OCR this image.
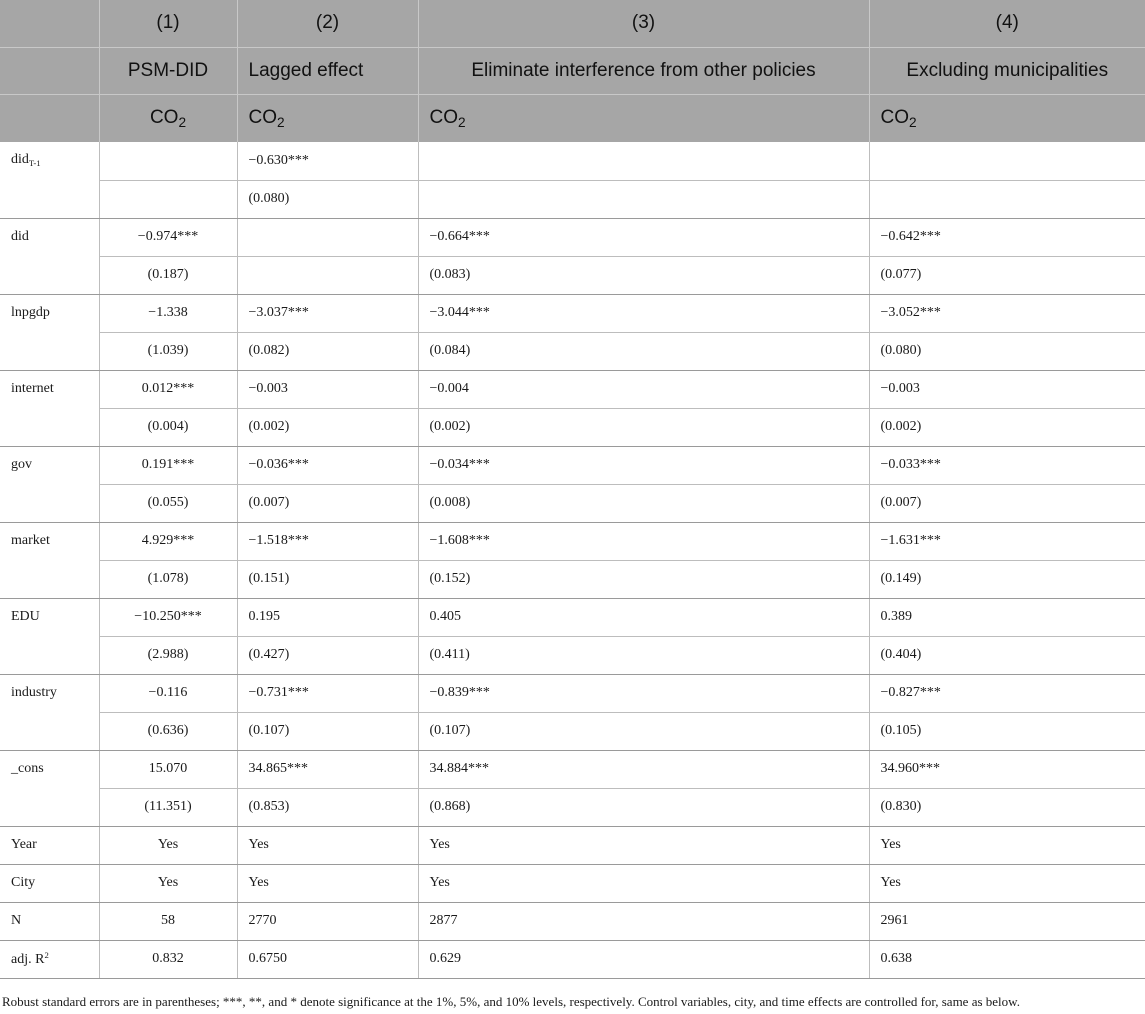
	(1)	(2)	(3)	(4)
	PSM-DID	Lagged effect	Eliminate interference from other policies	Excluding municipalities
	$CO_2$	$CO_2$	$CO_2$	$CO_2$
did$_{T-1}$		−0.630***		
		(0.080)		
did	−0.974***		−0.664***	−0.642***
	(0.187)		(0.083)	(0.077)
lnpgdp	−1.338	−3.037***	−3.044***	−3.052***
	(1.039)	(0.082)	(0.084)	(0.080)
internet	0.012***	−0.003	−0.004	−0.003
	(0.004)	(0.002)	(0.002)	(0.002)
gov	0.191***	−0.036***	−0.034***	−0.033***
	(0.055)	(0.007)	(0.008)	(0.007)
market	4.929***	−1.518***	−1.608***	−1.631***
	(1.078)	(0.151)	(0.152)	(0.149)
EDU	−10.250***	0.195	0.405	0.389
	(2.988)	(0.427)	(0.411)	(0.404)
industry	−0.116	−0.731***	−0.839***	−0.827***
	(0.636)	(0.107)	(0.107)	(0.105)
_cons	15.070	34.865***	34.884***	34.960***
	(11.351)	(0.853)	(0.868)	(0.830)
Year	Yes	Yes	Yes	Yes
City	Yes	Yes	Yes	Yes
N	58	2770	2877	2961
adj. $R^2$	0.832	0.6750	0.629	0.638
Robust standard errors are in parentheses; ***, **, and * denote significance at the 1%, 5%, and 10% levels, respectively. Control variables, city, and time effects are controlled for, same as below.
